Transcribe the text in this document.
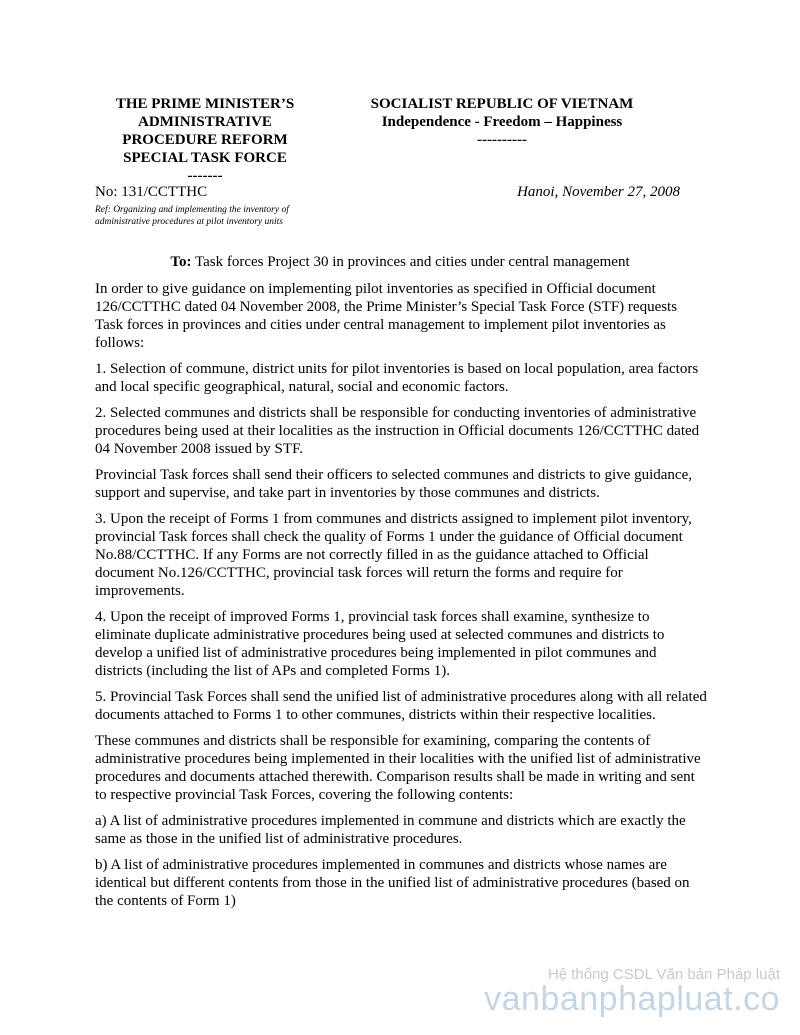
THE PRIME MINISTER’S
ADMINISTRATIVE
PROCEDURE REFORM
SPECIAL TASK FORCE
-------
SOCIALIST REPUBLIC OF VIETNAM
Independence - Freedom – Happiness
----------
No: 131/CCTTHC
Ref: Organizing and implementing the inventory of administrative procedures at pilot inventory units
Hanoi, November 27, 2008
To: Task forces Project 30 in provinces and cities under central management

In order to give guidance on implementing pilot inventories as specified in Official document 126/CCTTHC dated 04 November 2008, the Prime Minister’s Special Task Force (STF) requests Task forces in provinces and cities under central management to implement pilot inventories as follows:

1. Selection of commune, district units for pilot inventories is based on local population, area factors and local specific geographical, natural, social and economic factors.

2. Selected communes and districts shall be responsible for conducting inventories of administrative procedures being used at their localities as the instruction in Official documents 126/CCTTHC dated 04 November 2008 issued by STF.

Provincial Task forces shall send their officers to selected communes and districts to give guidance, support and supervise, and take part in inventories by those communes and districts.

3. Upon the receipt of Forms 1 from communes and districts assigned to implement pilot inventory, provincial Task forces shall check the quality of Forms 1 under the guidance of Official document No.88/CCTTHC. If any Forms are not correctly filled in as the guidance attached to Official document No.126/CCTTHC, provincial task forces will return the forms and require for improvements.

4. Upon the receipt of improved Forms 1, provincial task forces shall examine, synthesize to eliminate duplicate administrative procedures being used at selected communes and districts to develop a unified list of administrative procedures being implemented in pilot communes and districts (including the list of APs and completed Forms 1).

5. Provincial Task Forces shall send the unified list of administrative procedures along with all related documents attached to Forms 1 to other communes, districts within their respective localities.

These communes and districts shall be responsible for examining, comparing the contents of administrative procedures being implemented in their localities with the unified list of administrative procedures and documents attached therewith. Comparison results shall be made in writing and sent to respective provincial Task Forces, covering the following contents:

a) A list of administrative procedures implemented in commune and districts which are exactly the same as those in the unified list of administrative procedures.

b) A list of administrative procedures implemented in communes and districts whose names are identical but different contents from those in the unified list of administrative procedures (based on the contents of Form 1)

Hệ thống CSDL Văn bản Pháp luật
vanbanphapluat.co
